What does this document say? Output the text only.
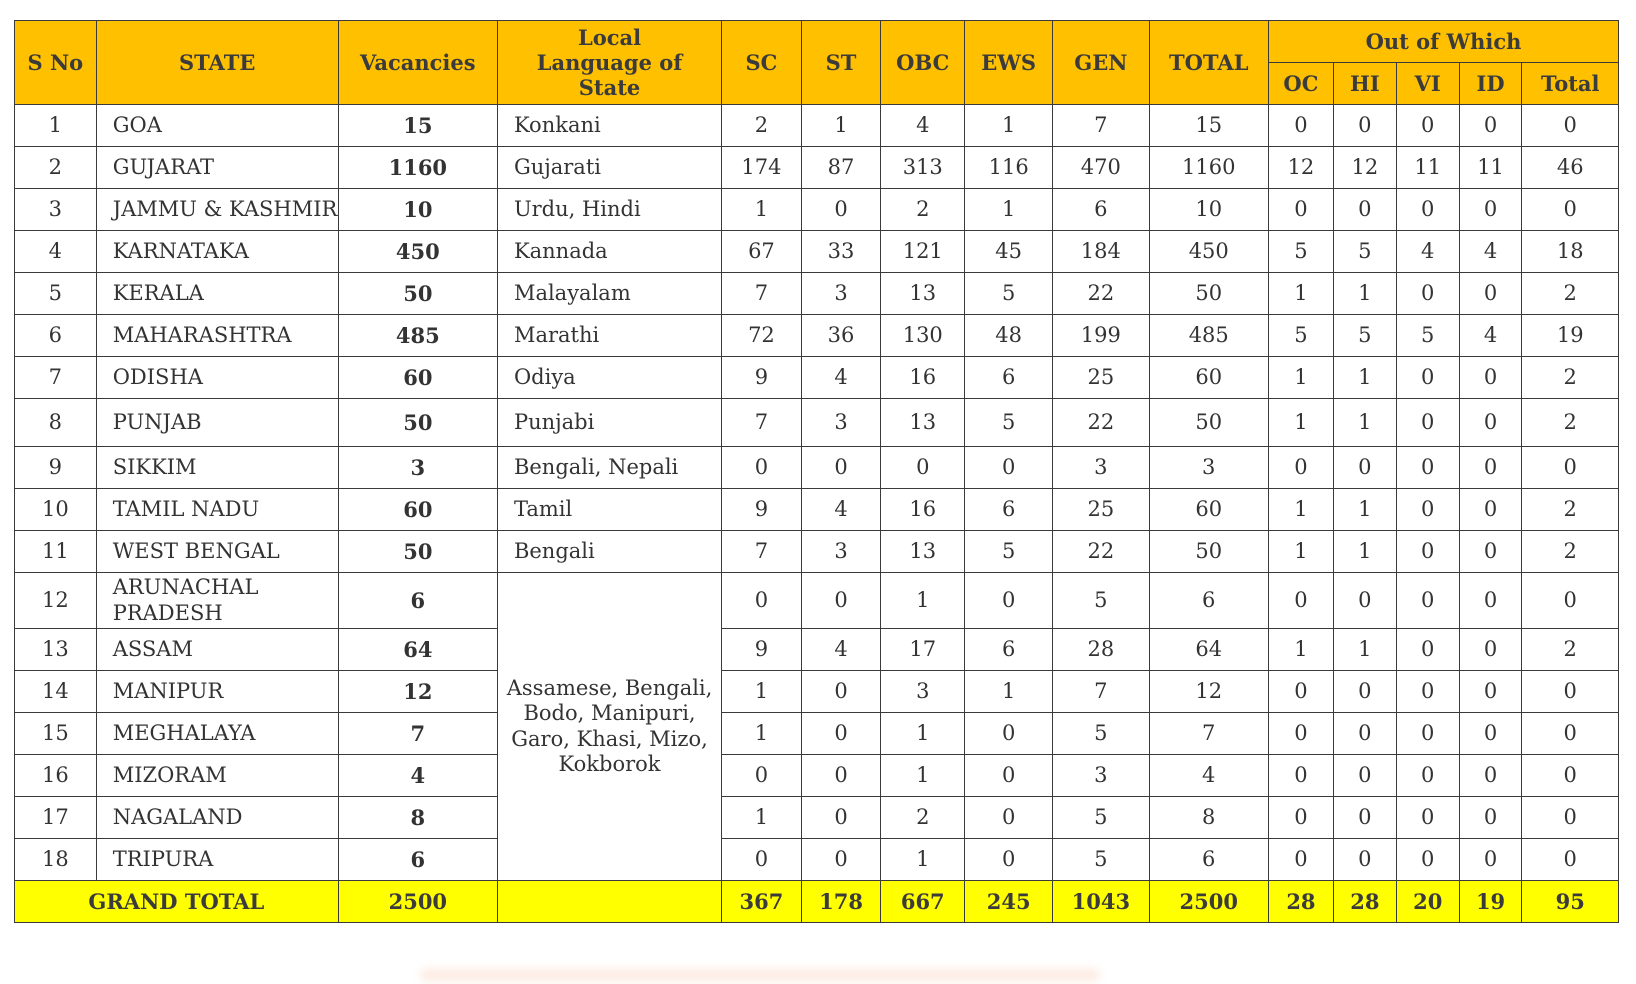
S No	STATE	Vacancies	Local Language of State	SC	ST	OBC	EWS	GEN	TOTAL	Out of Which				
										OC	HI	VI	ID	Total
1	GOA	15	Konkani	2	1	4	1	7	15	0	0	0	0	0
2	GUJARAT	1160	Gujarati	174	87	313	116	470	1160	12	12	11	11	46
3	JAMMU & KASHMIR	10	Urdu, Hindi	1	0	2	1	6	10	0	0	0	0	0
4	KARNATAKA	450	Kannada	67	33	121	45	184	450	5	5	4	4	18
5	KERALA	50	Malayalam	7	3	13	5	22	50	1	1	0	0	2
6	MAHARASHTRA	485	Marathi	72	36	130	48	199	485	5	5	5	4	19
7	ODISHA	60	Odiya	9	4	16	6	25	60	1	1	0	0	2
8	PUNJAB	50	Punjabi	7	3	13	5	22	50	1	1	0	0	2
9	SIKKIM	3	Bengali, Nepali	0	0	0	0	3	3	0	0	0	0	0
10	TAMIL NADU	60	Tamil	9	4	16	6	25	60	1	1	0	0	2
11	WEST BENGAL	50	Bengali	7	3	13	5	22	50	1	1	0	0	2
12	ARUNACHAL PRADESH	6	Assamese, Bengali, Bodo, Manipuri, Garo, Khasi, Mizo, Kokborok	0	0	1	0	5	6	0	0	0	0	0
13	ASSAM	64		9	4	17	6	28	64	1	1	0	0	2
14	MANIPUR	12		1	0	3	1	7	12	0	0	0	0	0
15	MEGHALAYA	7		1	0	1	0	5	7	0	0	0	0	0
16	MIZORAM	4		0	0	1	0	3	4	0	0	0	0	0
17	NAGALAND	8		1	0	2	0	5	8	0	0	0	0	0
18	TRIPURA	6		0	0	1	0	5	6	0	0	0	0	0
GRAND TOTAL		2500		367	178	667	245	1043	2500	28	28	20	19	95
